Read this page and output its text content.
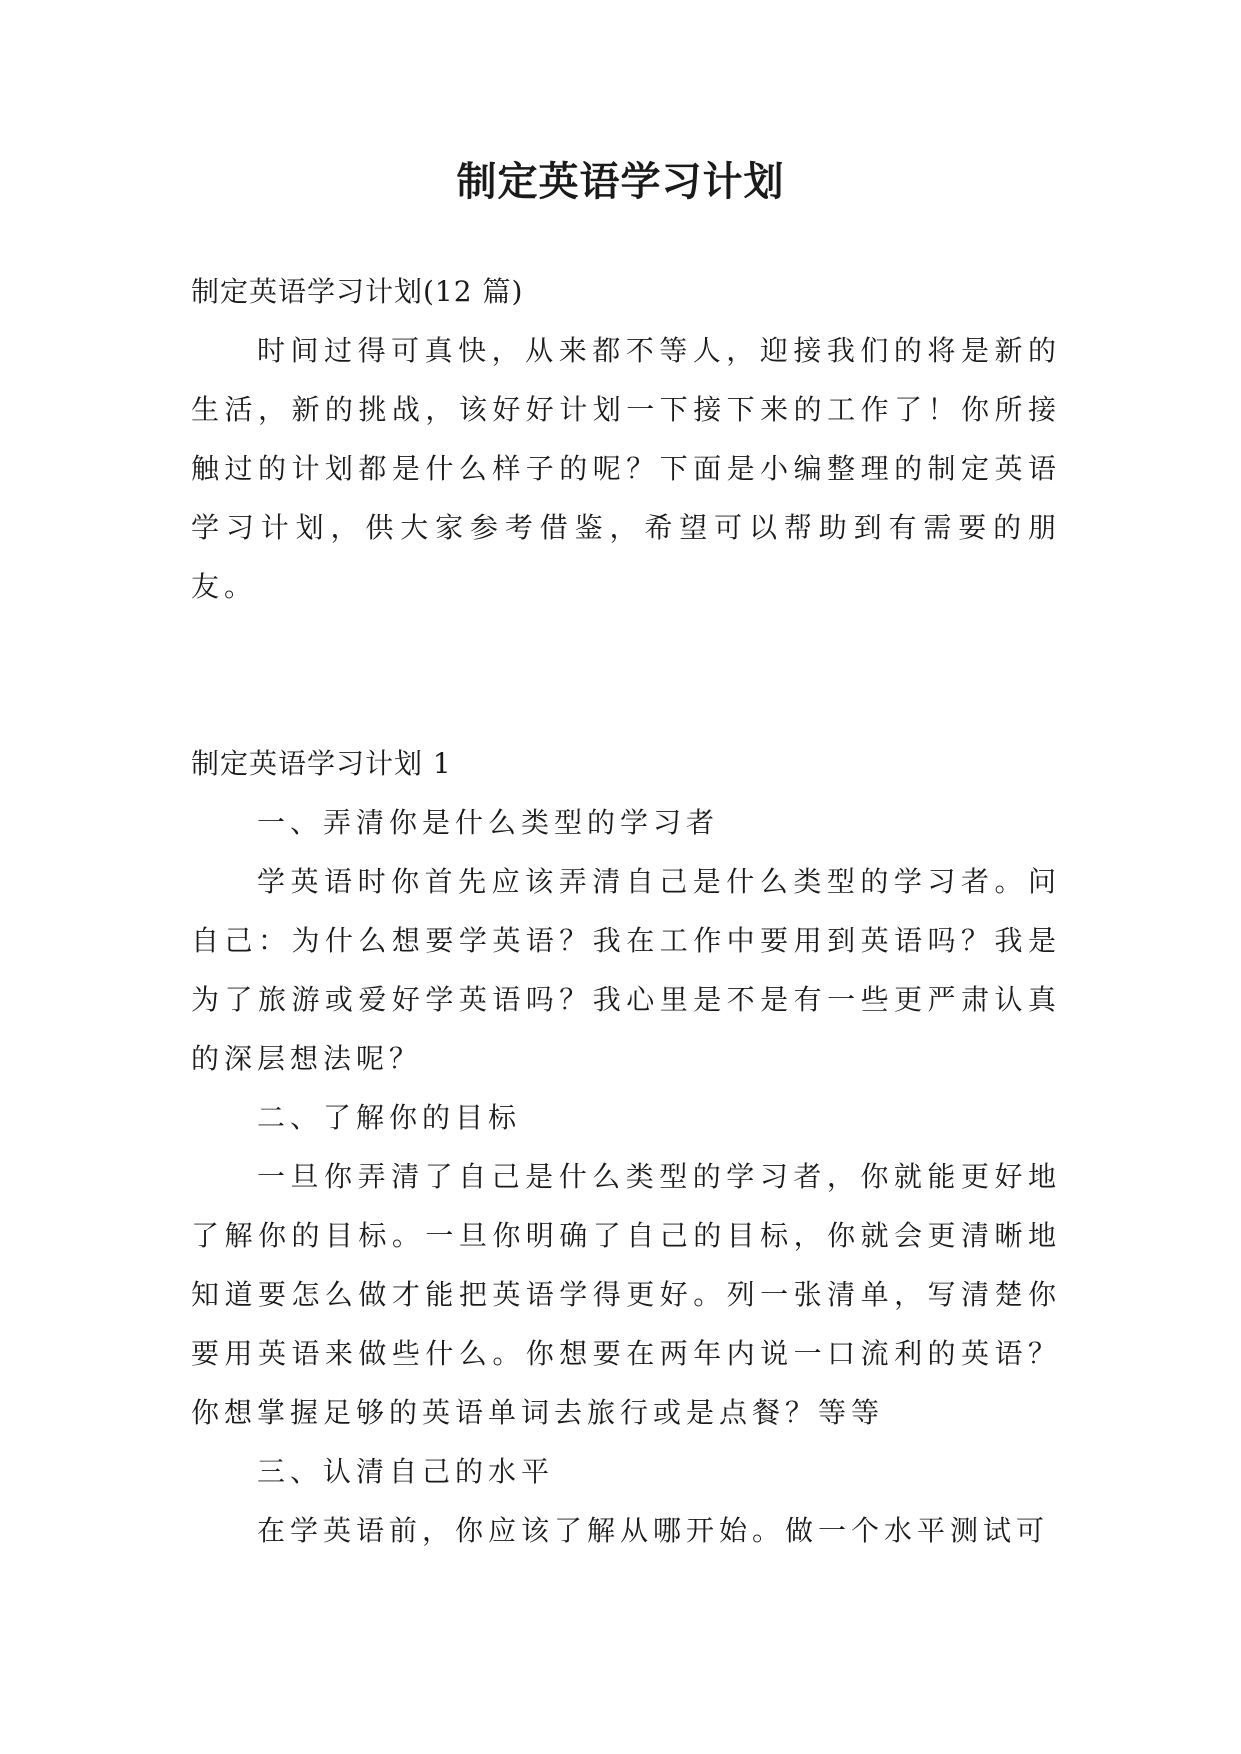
制定英语学习计划

制定英语学习计划(12 篇)

时间过得可真快，从来都不等人，迎接我们的将是新的生活，新的挑战，该好好计划一下接下来的工作了！你所接触过的计划都是什么样子的呢？下面是小编整理的制定英语学习计划，供大家参考借鉴，希望可以帮助到有需要的朋友。

制定英语学习计划 1

一、弄清你是什么类型的学习者

学英语时你首先应该弄清自己是什么类型的学习者。问自己：为什么想要学英语？我在工作中要用到英语吗？我是为了旅游或爱好学英语吗？我心里是不是有一些更严肃认真的深层想法呢？

二、了解你的目标

一旦你弄清了自己是什么类型的学习者，你就能更好地了解你的目标。一旦你明确了自己的目标，你就会更清晰地知道要怎么做才能把英语学得更好。列一张清单，写清楚你要用英语来做些什么。你想要在两年内说一口流利的英语？你想掌握足够的英语单词去旅行或是点餐？等等

三、认清自己的水平

在学英语前，你应该了解从哪开始。做一个水平测试可
